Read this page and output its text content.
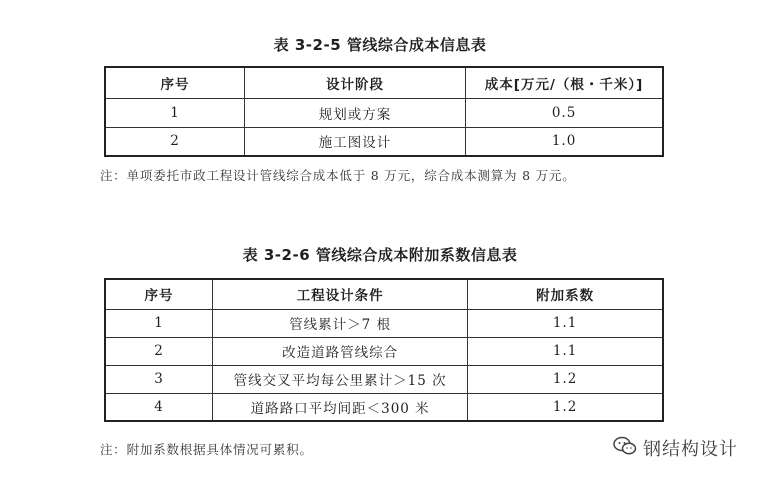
表 3-2-5 管线综合成本信息表
序号	设计阶段	成本[万元/（根・千米）]
1	规划或方案	0.5
2	施工图设计	1.0
注：单项委托市政工程设计管线综合成本低于 8 万元，综合成本测算为 8 万元。
表 3-2-6 管线综合成本附加系数信息表
序号	工程设计条件	附加系数
1	管线累计＞7 根	1.1
2	改造道路管线综合	1.1
3	管线交叉平均每公里累计＞15 次	1.2
4	道路路口平均间距＜300 米	1.2
注：附加系数根据具体情况可累积。	钢结构设计
